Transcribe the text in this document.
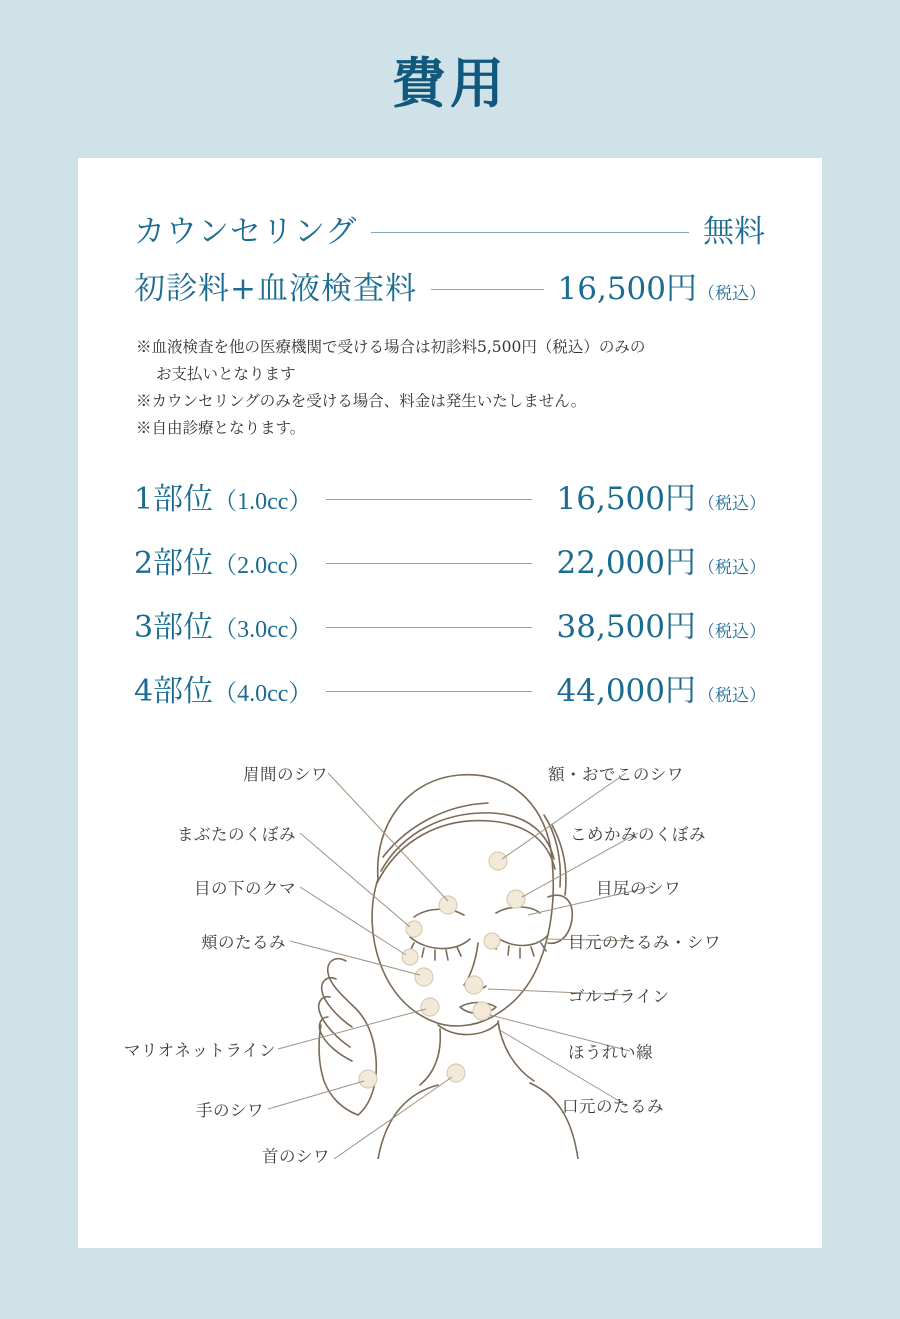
費用
カウンセリング	無料
初診料+血液検査料	16,500円 （税込）
※血液検査を他の医療機関で受ける場合は初診料5,500円（税込）のみの
お支払いとなります
※カウンセリングのみを受ける場合、料金は発生いたしません。
※自由診療となります。
1部位 （1.0cc）	16,500円 （税込）
2部位 （2.0cc）	22,000円 （税込）
3部位 （3.0cc）	38,500円 （税込）
4部位 （4.0cc）	44,000円 （税込）
眉間のシワ
まぶたのくぼみ
目の下のクマ
頬のたるみ
マリオネットライン
手のシワ
首のシワ
額・おでこのシワ
こめかみのくぼみ
目尻のシワ
目元のたるみ・シワ
ゴルゴライン
ほうれい線
口元のたるみ
